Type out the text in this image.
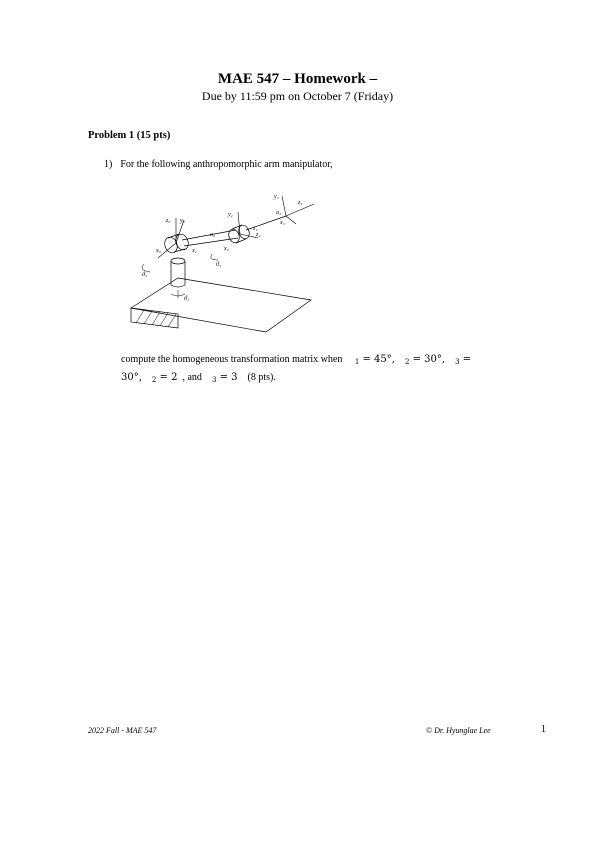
MAE 547 – Homework –
Due by 11:59 pm on October 7 (Friday)
Problem 1 (15 pts)
1) For the following anthropomorphic arm manipulator,
ϑ₁
z₀ y₀
x₀	x₁
a₂
y₂
z₂
x₂
z₁
a₃
x₃
y₃
z₃
ϑ₂
ϑ₃
compute the homogeneous transformation matrix when $_1$ = 45°, $_2$ = 30°, $_3$ =
30°, $_2$ = 2 , and $_3$ = 3 (8 pts).
2022 Fall - MAE 547	© Dr. Hyunglae Lee	1
